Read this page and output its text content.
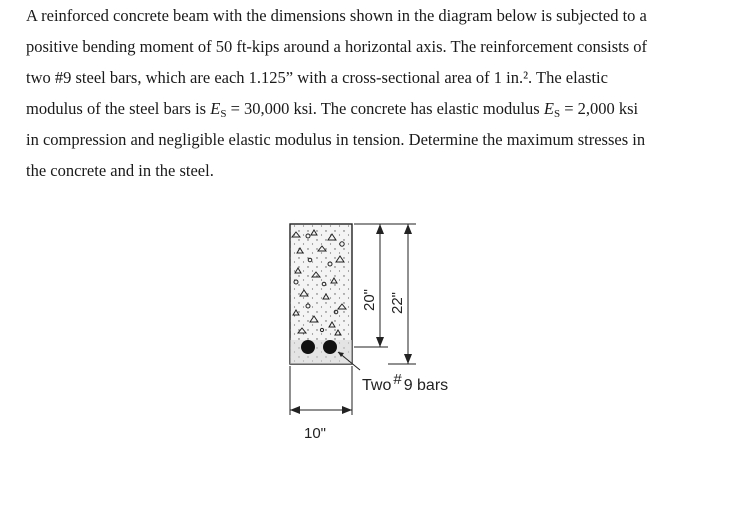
A reinforced concrete beam with the dimensions shown in the diagram below is subjected to a
positive bending moment of 50 ft-kips around a horizontal axis. The reinforcement consists of
two #9 steel bars, which are each 1.125” with a cross-sectional area of 1 in.². The elastic
modulus of the steel bars is $E_S = 30,000$ ksi. The concrete has elastic modulus $E_S = 2,000$ ksi
in compression and negligible elastic modulus in tension. Determine the maximum stresses in
the concrete and in the steel.
20" 22"
10"
Two # 9 bars
